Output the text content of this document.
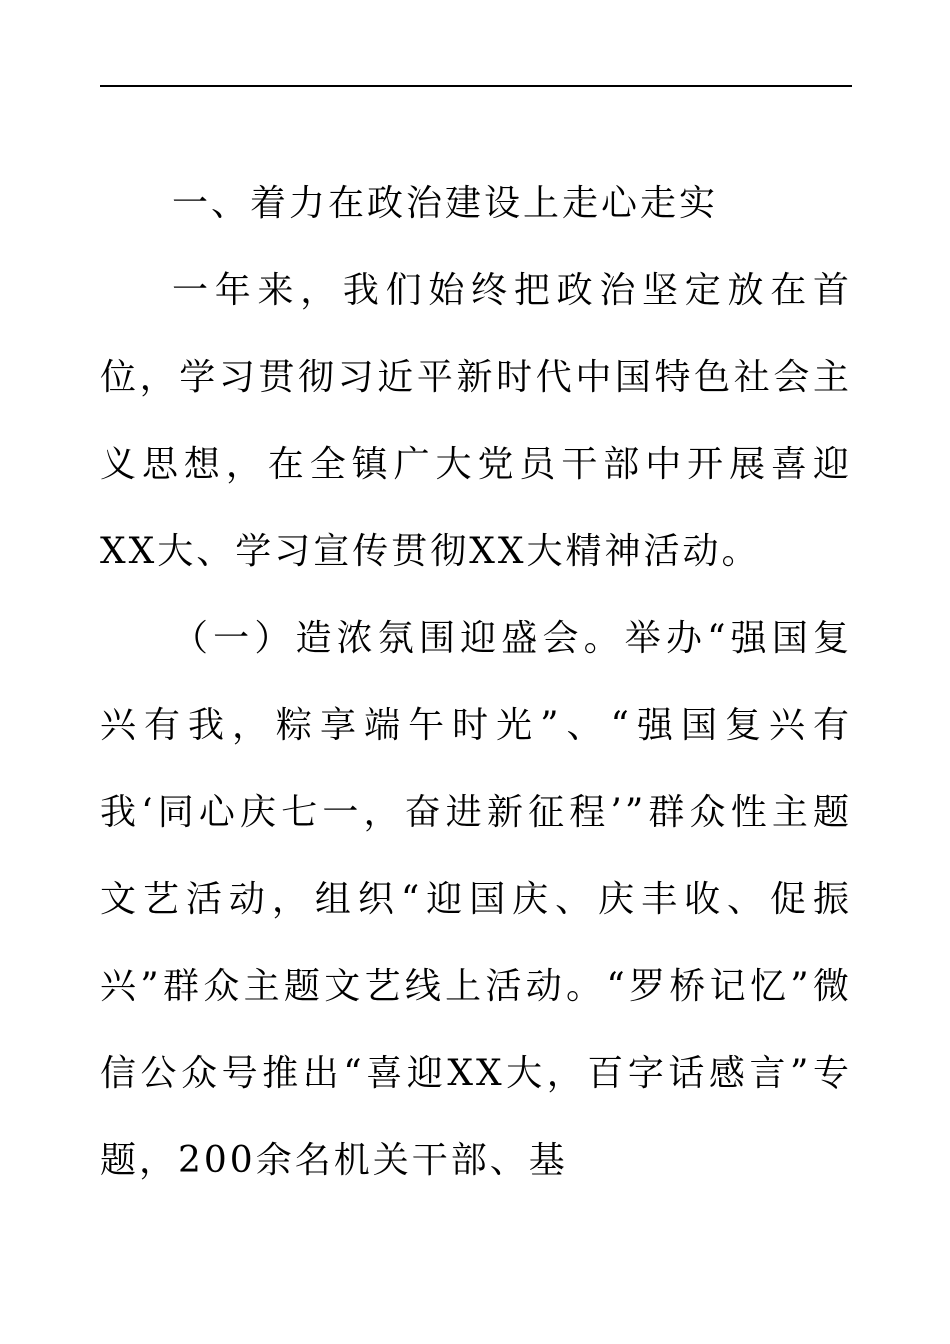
一、着力在政治建设上走心走实

一年来，我们始终把政治坚定放在首位，学习贯彻习近平新时代中国特色社会主义思想，在全镇广大党员干部中开展喜迎XX大、学习宣传贯彻XX大精神活动。

（一）造浓氛围迎盛会。举办“强国复兴有我，粽享端午时光”、“强国复兴有我‘同心庆七一，奋进新征程’”群众性主题文艺活动，组织“迎国庆、庆丰收、促振兴”群众主题文艺线上活动。“罗桥记忆”微信公众号推出“喜迎XX大，百字话感言”专题，200余名机关干部、基
